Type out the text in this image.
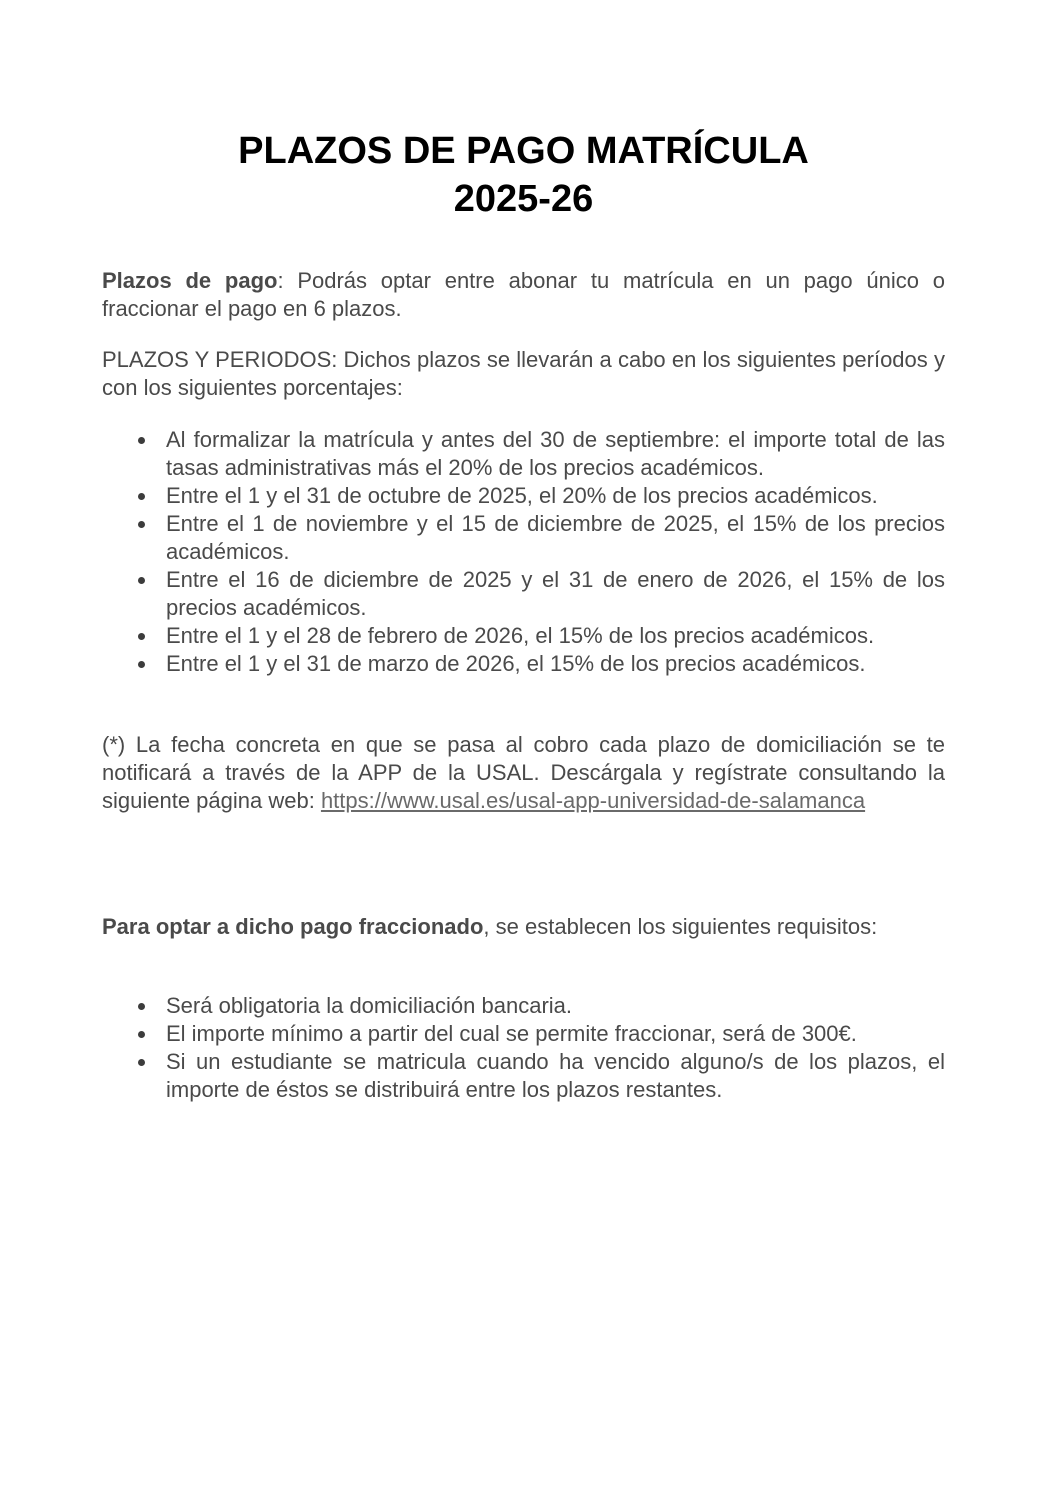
PLAZOS DE PAGO MATRÍCULA
2025-26

Plazos de pago: Podrás optar entre abonar tu matrícula en un pago único o fraccionar el pago en 6 plazos.

PLAZOS Y PERIODOS: Dichos plazos se llevarán a cabo en los siguientes períodos y con los siguientes porcentajes:

Al formalizar la matrícula y antes del 30 de septiembre: el importe total de las tasas administrativas más el 20% de los precios académicos.
Entre el 1 y el 31 de octubre de 2025, el 20% de los precios académicos.
Entre el 1 de noviembre y el 15 de diciembre de 2025, el 15% de los precios académicos.
Entre el 16 de diciembre de 2025 y el 31 de enero de 2026, el 15% de los precios académicos.
Entre el 1 y el 28 de febrero de 2026, el 15% de los precios académicos.
Entre el 1 y el 31 de marzo de 2026, el 15% de los precios académicos.

(*) La fecha concreta en que se pasa al cobro cada plazo de domiciliación se te notificará a través de la APP de la USAL. Descárgala y regístrate consultando la siguiente página web: https://www.usal.es/usal-app-universidad-de-salamanca

Para optar a dicho pago fraccionado, se establecen los siguientes requisitos:

Será obligatoria la domiciliación bancaria.
El importe mínimo a partir del cual se permite fraccionar, será de 300€.
Si un estudiante se matricula cuando ha vencido alguno/s de los plazos, el importe de éstos se distribuirá entre los plazos restantes.
